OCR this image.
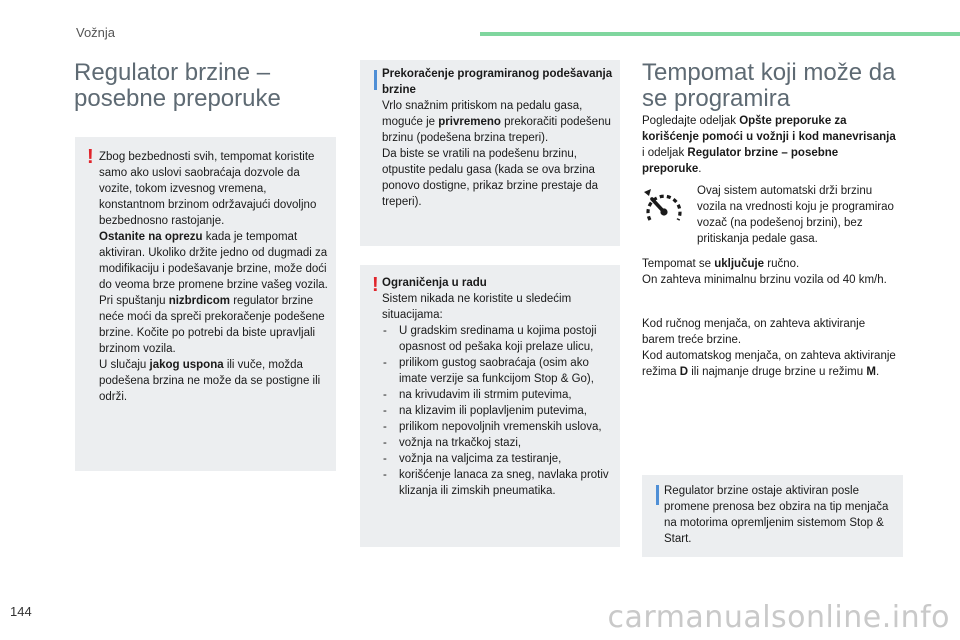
Vožnja
Regulator brzine – posebne preporuke
! Zbog bezbednosti svih, tempomat koristite samo ako uslovi saobraćaja dozvole da vozite, tokom izvesnog vremena, konstantnom brzinom održavajući dovoljno bezbednosno rastojanje.

Ostanite na oprezu kada je tempomat aktiviran. Ukoliko držite jedno od dugmadi za modifikaciju i podešavanje brzine, može doći do veoma brze promene brzine vašeg vozila.

Pri spuštanju nizbrdicom regulator brzine neće moći da spreči prekoračenje podešene brzine. Kočite po potrebi da biste upravljali brzinom vozila.

U slučaju jakog uspona ili vuče, možda podešena brzina ne može da se postigne ili održi.

Prekoračenje programiranog podešavanja brzine

Vrlo snažnim pritiskom na pedalu gasa, moguće je privremeno prekoračiti podešenu brzinu (podešena brzina treperi).

Da biste se vratili na podešenu brzinu, otpustite pedalu gasa (kada se ova brzina ponovo dostigne, prikaz brzine prestaje da treperi).

! Ograničenja u radu

Sistem nikada ne koristite u sledećim situacijama:

- U gradskim sredinama u kojima postoji opasnost od pešaka koji prelaze ulicu,
- prilikom gustog saobraćaja (osim ako imate verzije sa funkcijom Stop & Go),
- na krivudavim ili strmim putevima,
- na klizavim ili poplavljenim putevima,
- prilikom nepovoljnih vremenskih uslova,
- vožnja na trkačkoj stazi,
- vožnja na valjcima za testiranje,
- korišćenje lanaca za sneg, navlaka protiv klizanja ili zimskih pneumatika.
Tempomat koji može da se programira
Pogledajte odeljak Opšte preporuke za korišćenje pomoći u vožnji i kod manevrisanja i odeljak Regulator brzine – posebne preporuke.
Ovaj sistem automatski drži brzinu vozila na vrednosti koju je programirao vozač (na podešenoj brzini), bez pritiskanja pedale gasa.

Tempomat se uključuje ručno.

On zahteva minimalnu brzinu vozila od 40 km/h.

Kod ručnog menjača, on zahteva aktiviranje barem treće brzine.

Kod automatskog menjača, on zahteva aktiviranje režima D ili najmanje druge brzine u režimu M.

Regulator brzine ostaje aktiviran posle promene prenosa bez obzira na tip menjača na motorima opremljenim sistemom Stop & Start.
144	carmanualsonline.info
